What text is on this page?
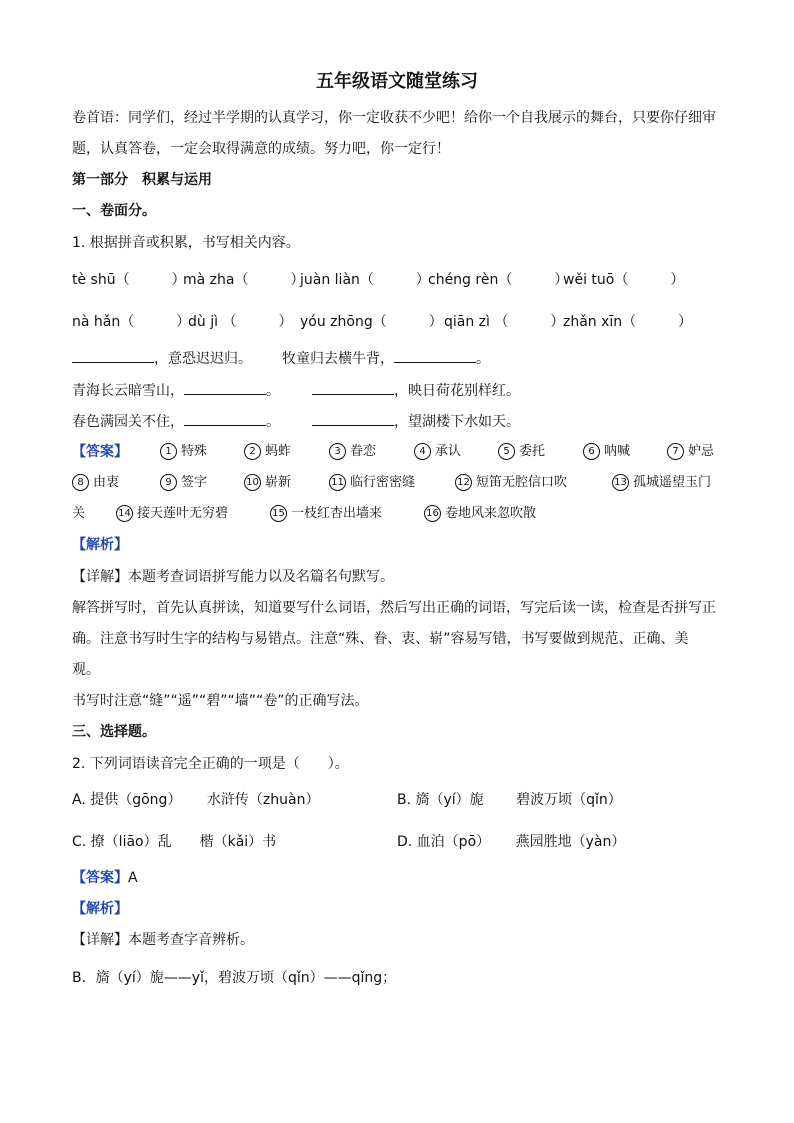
五年级语文随堂练习
卷首语：同学们，经过半学期的认真学习，你一定收获不少吧！给你一个自我展示的舞台，只要你仔细审
题，认真答卷，一定会取得满意的成绩。努力吧，你一定行！
第一部分　积累与运用
一、卷面分。
1. 根据拼音或积累，书写相关内容。
tè shū（　　　）
mà zha（　　　）
juàn liàn（　　　）
chéng rèn（　　　）
wěi tuō（　　　）
nà hǎn（　　　）
dù jì （　　　） yóu zhōng（　　　） qiān zì （　　　）
zhǎn xīn（　　　）
，意恐迟迟归。 牧童归去横牛背，	。
青海长云暗雪山，	。	，映日荷花别样红。
春色满园关不住，	。	，望湖楼下水如天。
【答案】	1 特殊	2 蚂蚱	3 眷恋	4 承认	5 委托	6 呐喊	7 妒忌
8 由衷	9 签字	10 崭新	11 临行密密缝	12 短笛无腔信口吹	13 孤城遥望玉门
关	14 接天莲叶无穷碧	15 一枝红杏出墙来	16 卷地风来忽吹散
【解析】
【详解】本题考查词语拼写能力以及名篇名句默写。
解答拼写时，首先认真拼读，知道要写什么词语，然后写出正确的词语，写完后读一读，检查是否拼写正
确。注意书写时生字的结构与易错点。注意“殊、眷、衷、崭”容易写错，书写要做到规范、正确、美
观。
书写时注意“缝”“遥”“碧”“墙”“卷”的正确写法。
三、选择题。
2. 下列词语读音完全正确的一项是（　　）。
A. 提供（gōng）　　 水浒传（zhuàn）	B. 旖（yí）旎　　 碧波万顷（qǐn）
C. 撩（liāo）乱　　楷（kǎi）书	D. 血泊（pō）　　 燕园胜地（yàn）
【答案】A
【解析】
【详解】本题考查字音辨析。
B．旖（yí）旎——yǐ，碧波万顷（qǐn）——qǐng；
